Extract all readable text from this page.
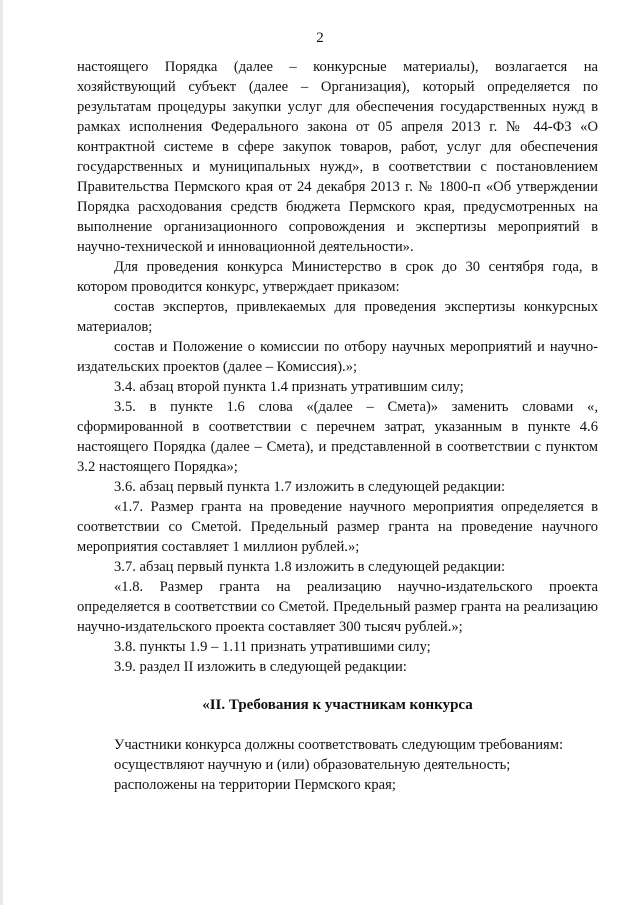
2

настоящего Порядка (далее – конкурсные материалы), возлагается на хозяйствующий субъект (далее – Организация), который определяется по результатам процедуры закупки услуг для обеспечения государственных нужд в рамках исполнения Федерального закона от 05 апреля 2013 г. № 44-ФЗ «О контрактной системе в сфере закупок товаров, работ, услуг для обеспечения государственных и муниципальных нужд», в соответствии с постановлением Правительства Пермского края от 24 декабря 2013 г. № 1800-п «Об утверждении Порядка расходования средств бюджета Пермского края, предусмотренных на выполнение организационного сопровождения и экспертизы мероприятий в научно-технической и инновационной деятельности».

Для проведения конкурса Министерство в срок до 30 сентября года, в котором проводится конкурс, утверждает приказом:

состав экспертов, привлекаемых для проведения экспертизы конкурсных материалов;

состав и Положение о комиссии по отбору научных мероприятий и научно-издательских проектов (далее – Комиссия).»;

3.4. абзац второй пункта 1.4 признать утратившим силу;

3.5. в пункте 1.6 слова «(далее – Смета)» заменить словами «, сформированной в соответствии с перечнем затрат, указанным в пункте 4.6 настоящего Порядка (далее – Смета), и представленной в соответствии с пунктом 3.2 настоящего Порядка»;

3.6. абзац первый пункта 1.7 изложить в следующей редакции:

«1.7. Размер гранта на проведение научного мероприятия определяется в соответствии со Сметой. Предельный размер гранта на проведение научного мероприятия составляет 1 миллион рублей.»;

3.7. абзац первый пункта 1.8 изложить в следующей редакции:

«1.8. Размер гранта на реализацию научно-издательского проекта определяется в соответствии со Сметой. Предельный размер гранта на реализацию научно-издательского проекта составляет 300 тысяч рублей.»;

3.8. пункты 1.9 – 1.11 признать утратившими силу;

3.9. раздел II изложить в следующей редакции:

«II. Требования к участникам конкурса

Участники конкурса должны соответствовать следующим требованиям:

осуществляют научную и (или) образовательную деятельность;

расположены на территории Пермского края;
